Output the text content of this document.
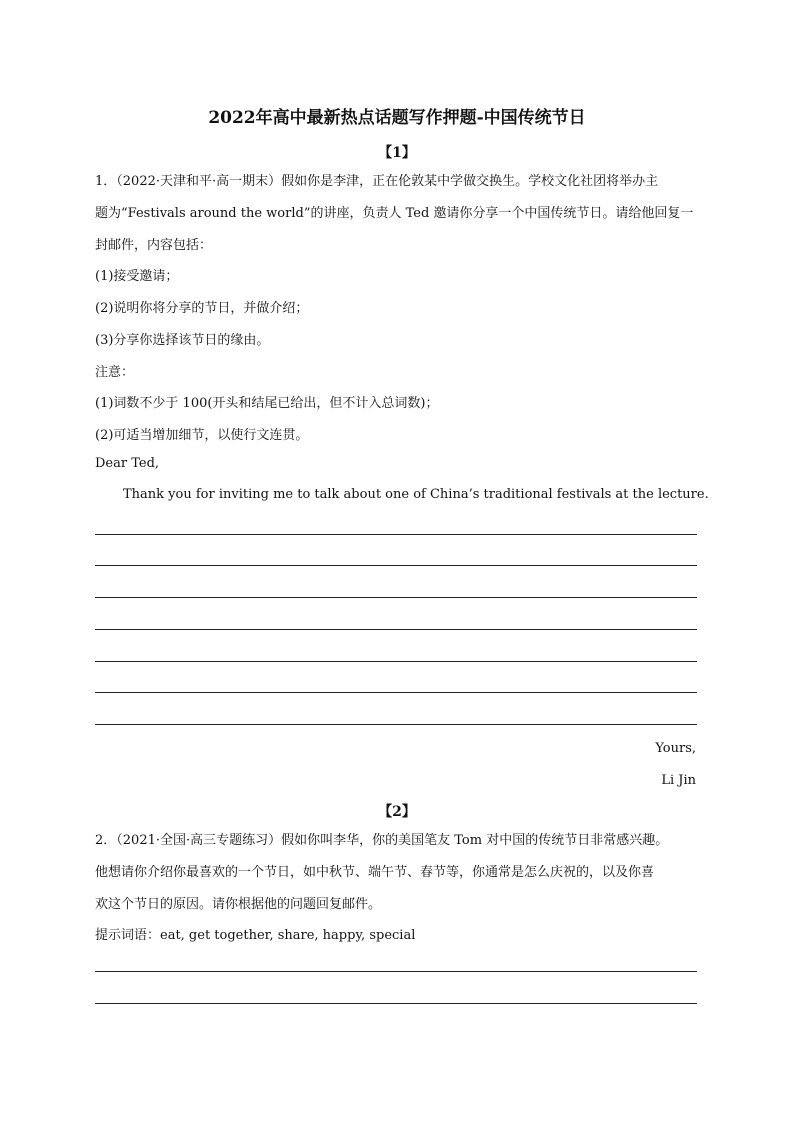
2022年高中最新热点话题写作押题-中国传统节日
【1】
1．（2022·天津和平·高一期末）假如你是李津，正在伦敦某中学做交换生。学校文化社团将举办主
题为“Festivals around the world”的讲座，负责人 Ted 邀请你分享一个中国传统节日。请给他回复一
封邮件，内容包括：
(1)接受邀请；
(2)说明你将分享的节日，并做介绍；
(3)分享你选择该节日的缘由。
注意：
(1)词数不少于 100(开头和结尾已给出，但不计入总词数)；
(2)可适当增加细节，以使行文连贯。
Dear Ted,
Thank you for inviting me to talk about one of China’s traditional festivals at the lecture.
Yours,
Li Jin
【2】
2．（2021·全国·高三专题练习）假如你叫李华，你的美国笔友 Tom 对中国的传统节日非常感兴趣。
他想请你介绍你最喜欢的一个节日，如中秋节、端午节、春节等，你通常是怎么庆祝的，以及你喜
欢这个节日的原因。请你根据他的问题回复邮件。
提示词语：eat, get together, share, happy, special
